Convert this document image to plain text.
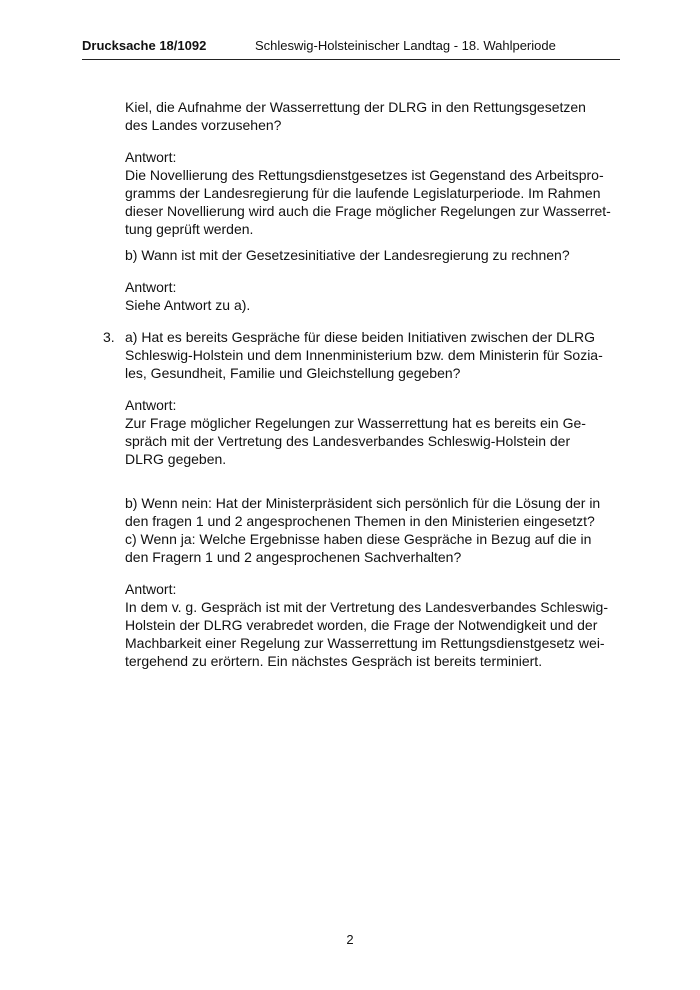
Drucksache 18/1092	Schleswig-Holsteinischer Landtag - 18. Wahlperiode
Kiel, die Aufnahme der Wasserrettung der DLRG in den Rettungsgesetzen
des Landes vorzusehen?
Antwort:
Die Novellierung des Rettungsdienstgesetzes ist Gegenstand des Arbeitspro-
gramms der Landesregierung für die laufende Legislaturperiode. Im Rahmen
dieser Novellierung wird auch die Frage möglicher Regelungen zur Wasserret-
tung geprüft werden.
b) Wann ist mit der Gesetzesinitiative der Landesregierung zu rechnen?
Antwort:
Siehe Antwort zu a).
3. a) Hat es bereits Gespräche für diese beiden Initiativen zwischen der DLRG
Schleswig-Holstein und dem Innenministerium bzw. dem Ministerin für Sozia-
les, Gesundheit, Familie und Gleichstellung gegeben?
Antwort:
Zur Frage möglicher Regelungen zur Wasserrettung hat es bereits ein Ge-
spräch mit der Vertretung des Landesverbandes Schleswig-Holstein der
DLRG gegeben.
b) Wenn nein: Hat der Ministerpräsident sich persönlich für die Lösung der in
den fragen 1 und 2 angesprochenen Themen in den Ministerien eingesetzt?
c) Wenn ja: Welche Ergebnisse haben diese Gespräche in Bezug auf die in
den Fragern 1 und 2 angesprochenen Sachverhalten?
Antwort:
In dem v. g. Gespräch ist mit der Vertretung des Landesverbandes Schleswig-
Holstein der DLRG verabredet worden, die Frage der Notwendigkeit und der
Machbarkeit einer Regelung zur Wasserrettung im Rettungsdienstgesetz wei-
tergehend zu erörtern. Ein nächstes Gespräch ist bereits terminiert.
2
